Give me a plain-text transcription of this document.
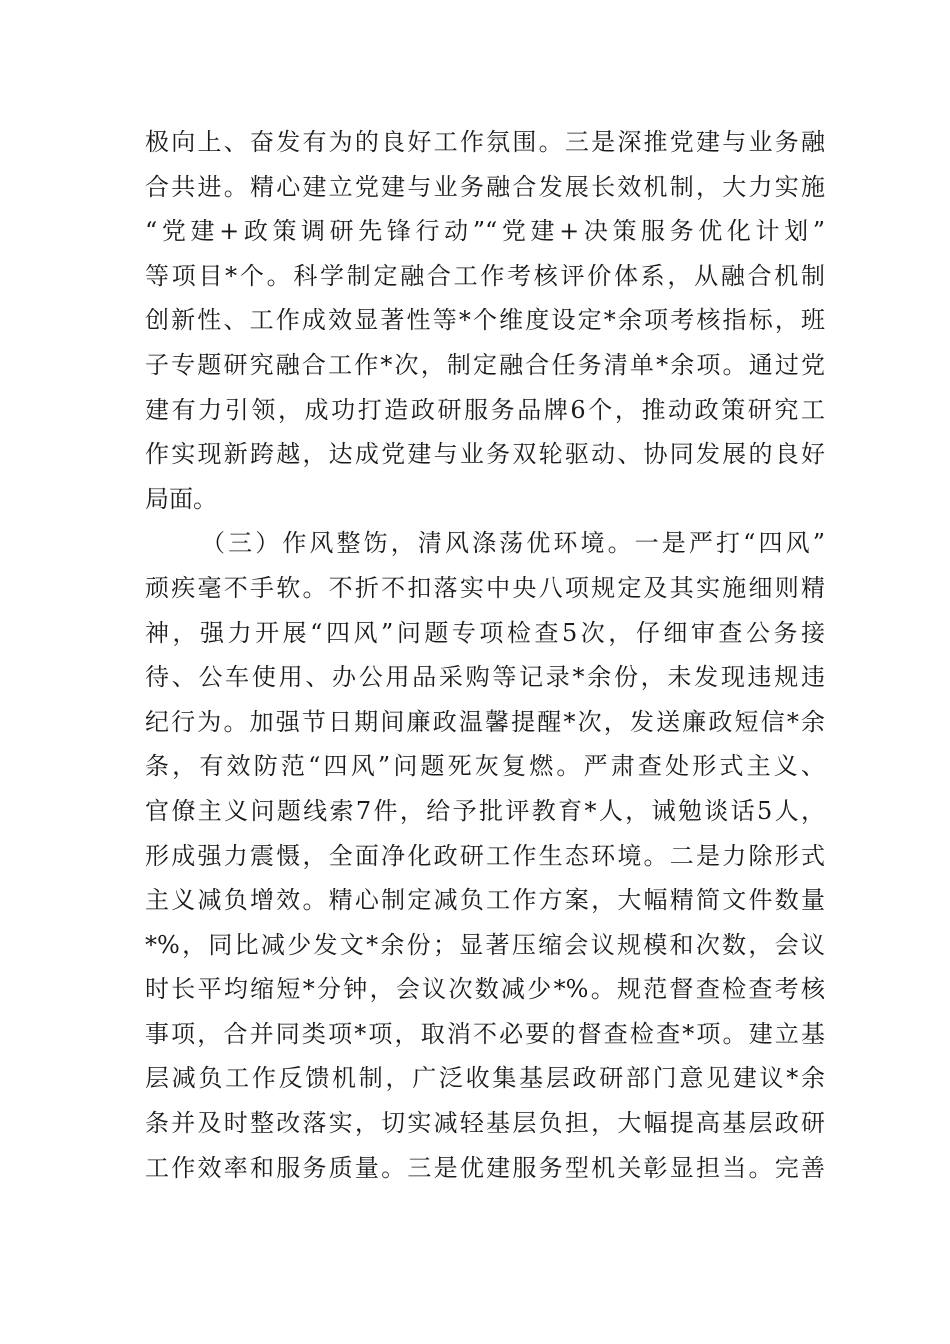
极向上、奋发有为的良好工作氛围。三是深推党建与业务融
合共进。精心建立党建与业务融合发展长效机制，大力实施
“党建+政策调研先锋行动”“党建+决策服务优化计划”
等项目*个。科学制定融合工作考核评价体系，从融合机制
创新性、工作成效显著性等*个维度设定*余项考核指标，班
子专题研究融合工作*次，制定融合任务清单*余项。通过党
建有力引领，成功打造政研服务品牌6个，推动政策研究工
作实现新跨越，达成党建与业务双轮驱动、协同发展的良好
局面。
（三）作风整饬，清风涤荡优环境。一是严打“四风”
顽疾毫不手软。不折不扣落实中央八项规定及其实施细则精
神，强力开展“四风”问题专项检查5次，仔细审查公务接
待、公车使用、办公用品采购等记录*余份，未发现违规违
纪行为。加强节日期间廉政温馨提醒*次，发送廉政短信*余
条，有效防范“四风”问题死灰复燃。严肃查处形式主义、
官僚主义问题线索7件，给予批评教育*人，诫勉谈话5人，
形成强力震慑，全面净化政研工作生态环境。二是力除形式
主义减负增效。精心制定减负工作方案，大幅精简文件数量
*%，同比减少发文*余份；显著压缩会议规模和次数，会议
时长平均缩短*分钟，会议次数减少*%。规范督查检查考核
事项，合并同类项*项，取消不必要的督查检查*项。建立基
层减负工作反馈机制，广泛收集基层政研部门意见建议*余
条并及时整改落实，切实减轻基层负担，大幅提高基层政研
工作效率和服务质量。三是优建服务型机关彰显担当。完善
